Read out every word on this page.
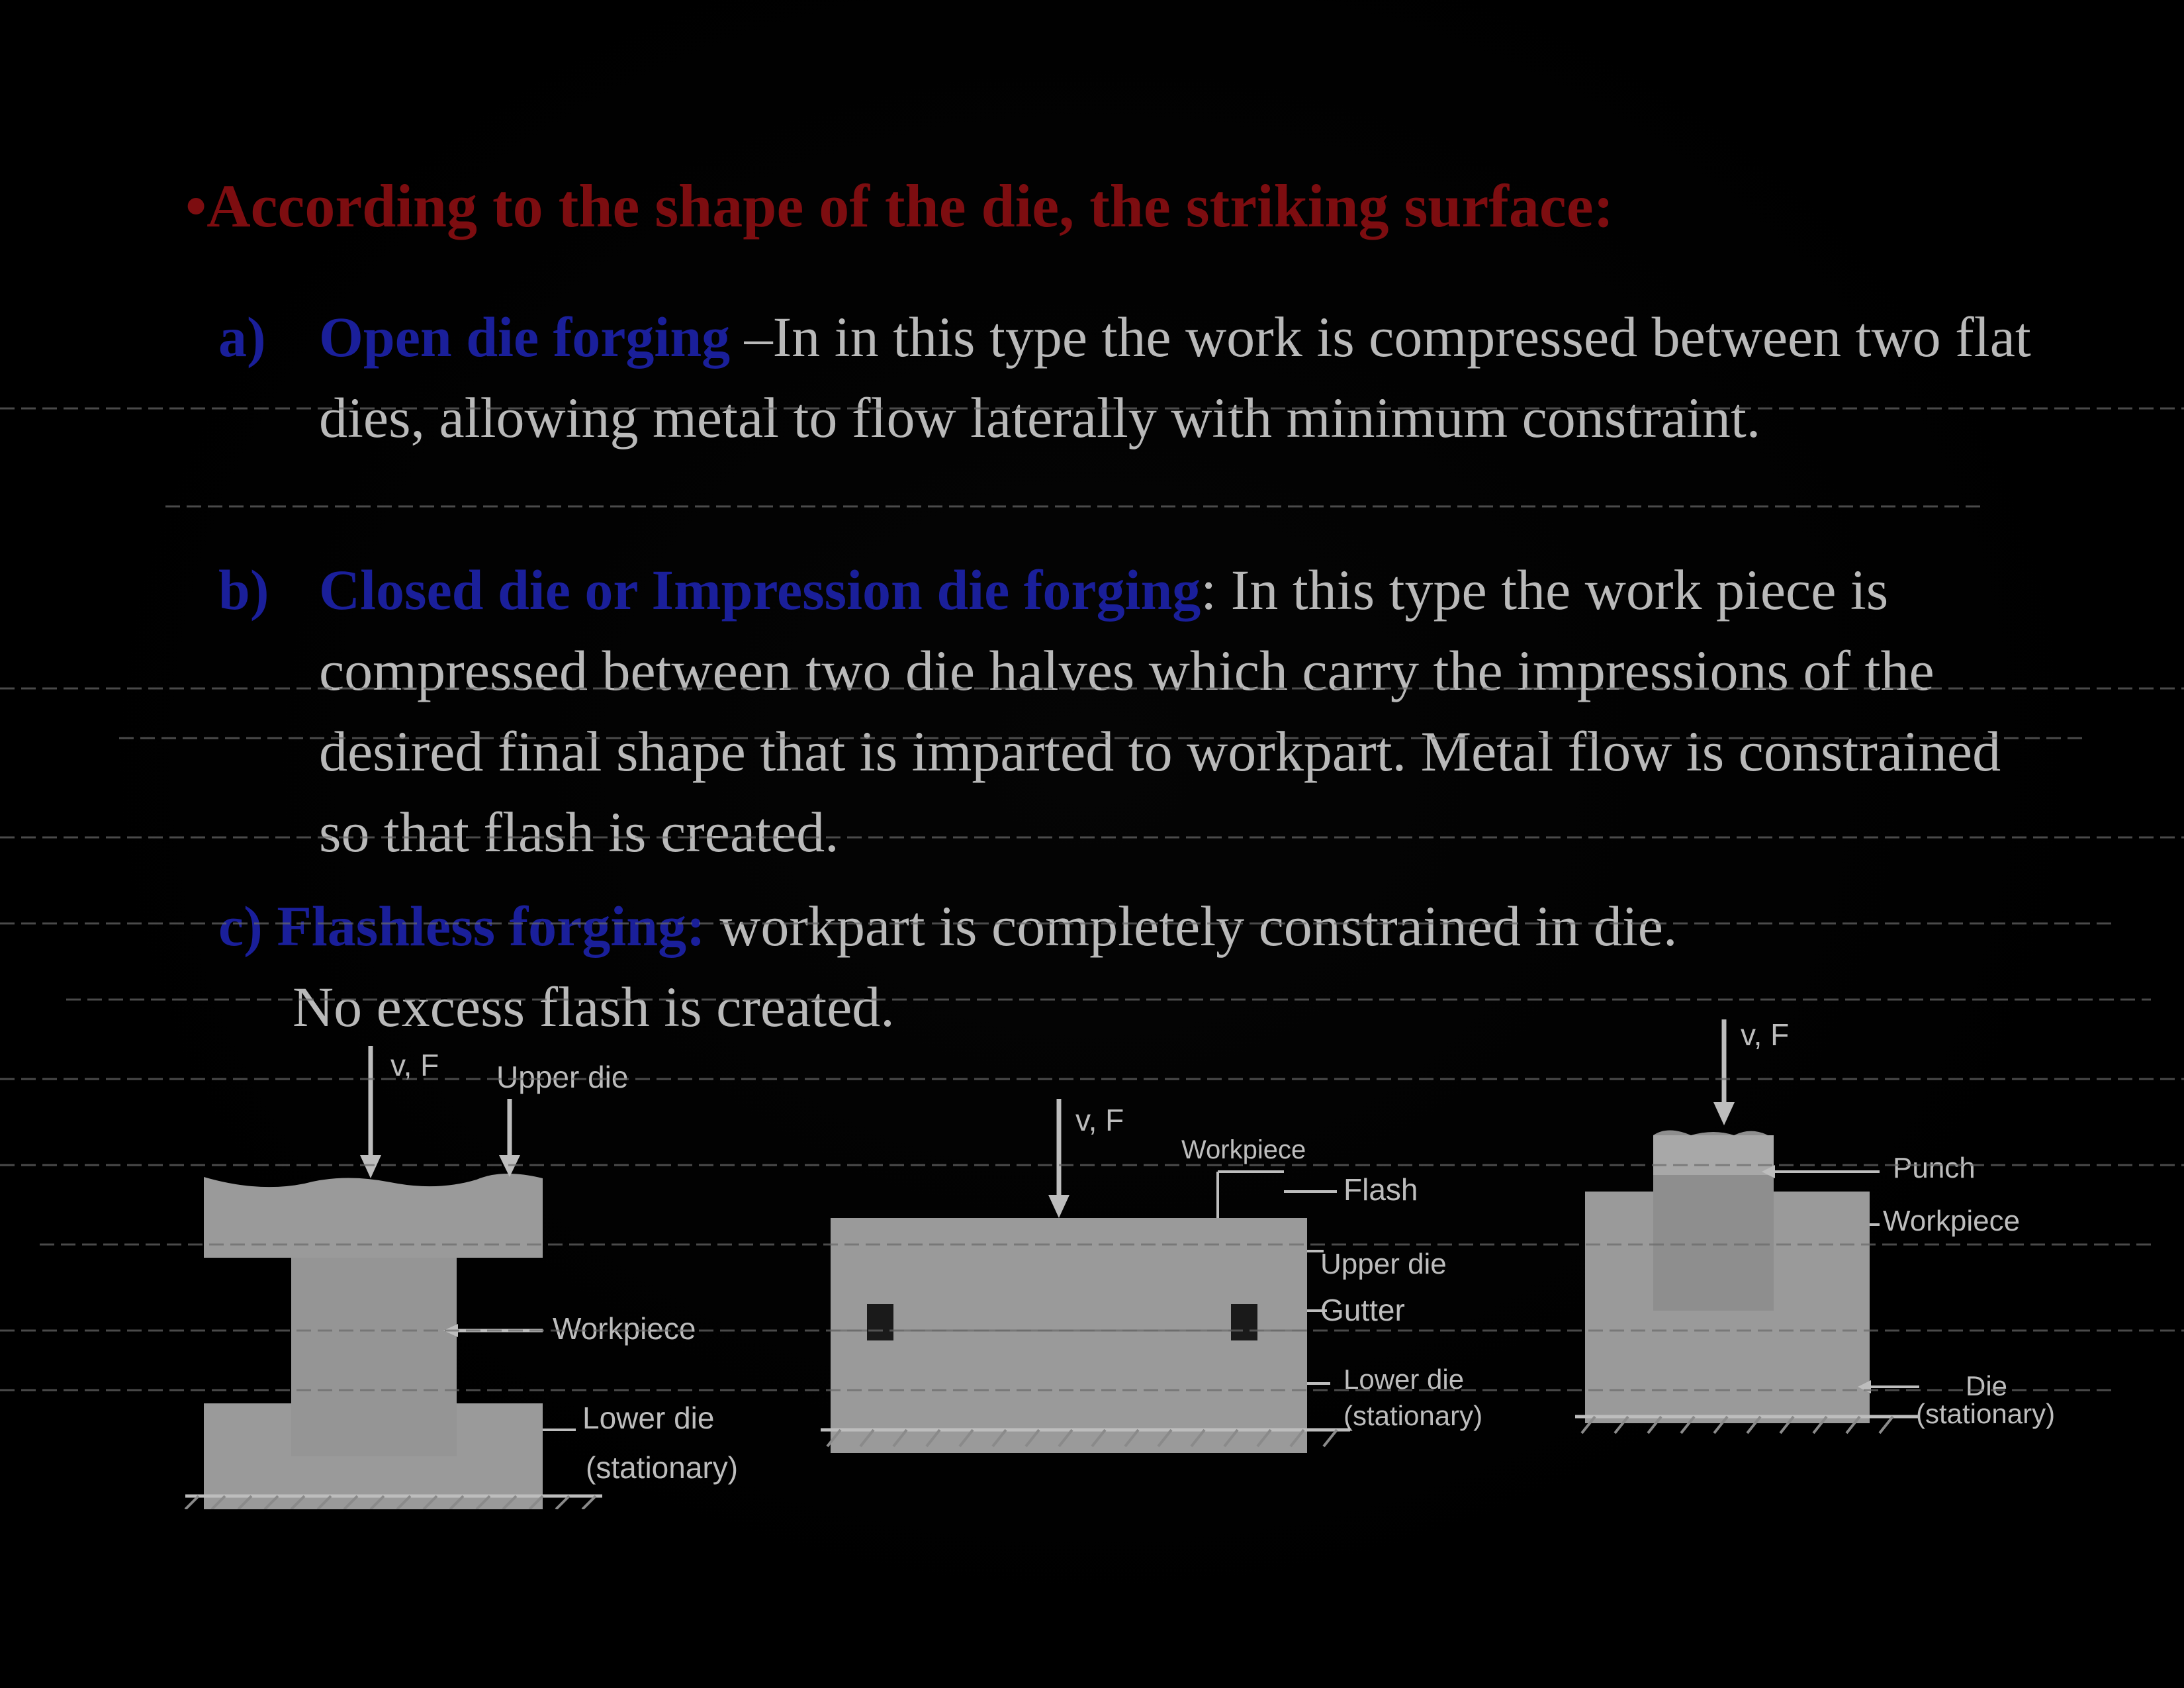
•According to the shape of the die, the striking surface:
a) Open die forging –In in this type the work is compressed between two flat dies, allowing metal to flow laterally with minimum constraint.
b) Closed die or Impression die forging: In this type the work piece is compressed between two die halves which carry the impressions of the desired final shape that is imparted to workpart. Metal flow is constrained so that flash is created.
c) Flashless forging: workpart is completely constrained in die.
No excess flash is created.
v, F Upper die
Workpiece
Lower die
(stationary)
v, F
Workpiece
Flash
Upper die
Gutter
Lower die
(stationary)
v, F
Punch
Workpiece
Die
(stationary)
